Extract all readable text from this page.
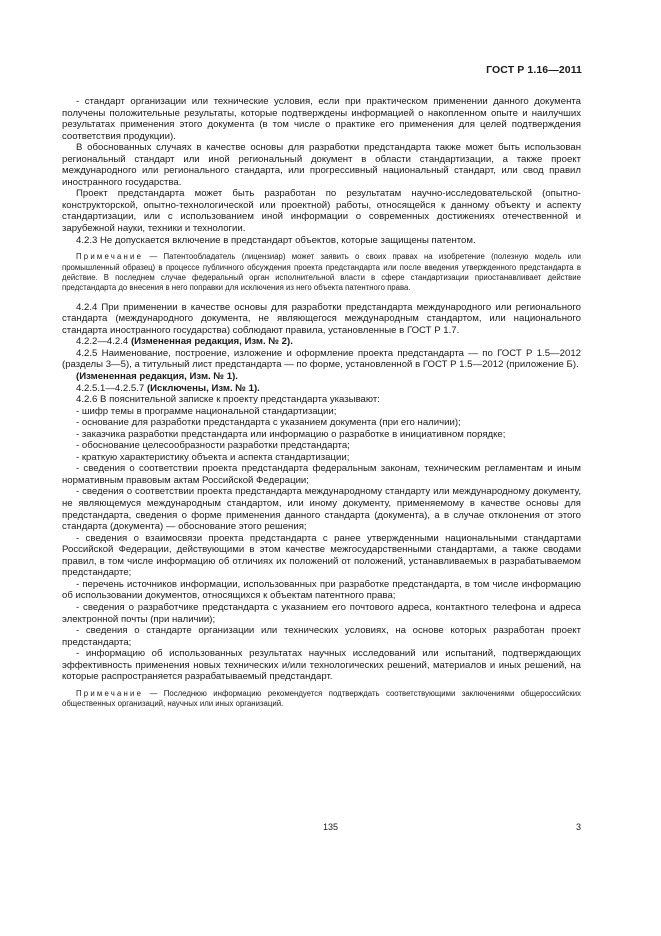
ГОСТ Р 1.16—2011

- стандарт организации или технические условия, если при практическом применении данного документа получены положительные результаты, которые подтверждены информацией о накопленном опыте и наилучших результатах применения этого документа (в том числе о практике его применения для целей подтверждения соответствия продукции).

В обоснованных случаях в качестве основы для разработки предстандарта также может быть использован региональный стандарт или иной региональный документ в области стандартизации, а также проект международного или регионального стандарта, или прогрессивный национальный стандарт, или свод правил иностранного государства.

Проект предстандарта может быть разработан по результатам научно-исследовательской (опытно-конструкторской, опытно-технологической или проектной) работы, относящейся к данному объекту и аспекту стандартизации, или с использованием иной информации о современных достижениях отечественной и зарубежной науки, техники и технологии.

4.2.3 Не допускается включение в предстандарт объектов, которые защищены патентом.

Примечание — Патентообладатель (лицензиар) может заявить о своих правах на изобретение (полезную модель или промышленный образец) в процессе публичного обсуждения проекта предстандарта или после введения утвержденного предстандарта в действие. В последнем случае федеральный орган исполнительной власти в сфере стандартизации приостанавливает действие предстандарта до внесения в него поправки для исключения из него объекта патентного права.

4.2.4 При применении в качестве основы для разработки предстандарта международного или регионального стандарта (международного документа, не являющегося международным стандартом, или национального стандарта иностранного государства) соблюдают правила, установленные в ГОСТ Р 1.7.

4.2.2—4.2.4 (Измененная редакция, Изм. № 2).

4.2.5 Наименование, построение, изложение и оформление проекта предстандарта — по ГОСТ Р 1.5—2012 (разделы 3—5), а титульный лист предстандарта — по форме, установленной в ГОСТ Р 1.5—2012 (приложение Б).

(Измененная редакция, Изм. № 1).

4.2.5.1—4.2.5.7 (Исключены, Изм. № 1).

4.2.6 В пояснительной записке к проекту предстандарта указывают:

- шифр темы в программе национальной стандартизации;

- основание для разработки предстандарта с указанием документа (при его наличии);

- заказчика разработки предстандарта или информацию о разработке в инициативном порядке;

- обоснование целесообразности разработки предстандарта;

- краткую характеристику объекта и аспекта стандартизации;

- сведения о соответствии проекта предстандарта федеральным законам, техническим регламентам и иным нормативным правовым актам Российской Федерации;

- сведения о соответствии проекта предстандарта международному стандарту или международному документу, не являющемуся международным стандартом, или иному документу, применяемому в качестве основы для предстандарта, сведения о форме применения данного стандарта (документа), а в случае отклонения от этого стандарта (документа) — обоснование этого решения;

- сведения о взаимосвязи проекта предстандарта с ранее утвержденными национальными стандартами Российской Федерации, действующими в этом качестве межгосударственными стандартами, а также сводами правил, в том числе информацию об отличиях их положений от положений, устанавливаемых в разрабатываемом предстандарте;

- перечень источников информации, использованных при разработке предстандарта, в том числе информацию об использовании документов, относящихся к объектам патентного права;

- сведения о разработчике предстандарта с указанием его почтового адреса, контактного телефона и адреса электронной почты (при наличии);

- сведения о стандарте организации или технических условиях, на основе которых разработан проект предстандарта;

- информацию об использованных результатах научных исследований или испытаний, подтверждающих эффективность применения новых технических и/или технологических решений, материалов и иных решений, на которые распространяется разрабатываемый предстандарт.

Примечание — Последнюю информацию рекомендуется подтверждать соответствующими заключениями общероссийских общественных организаций, научных или иных организаций.

135	3
